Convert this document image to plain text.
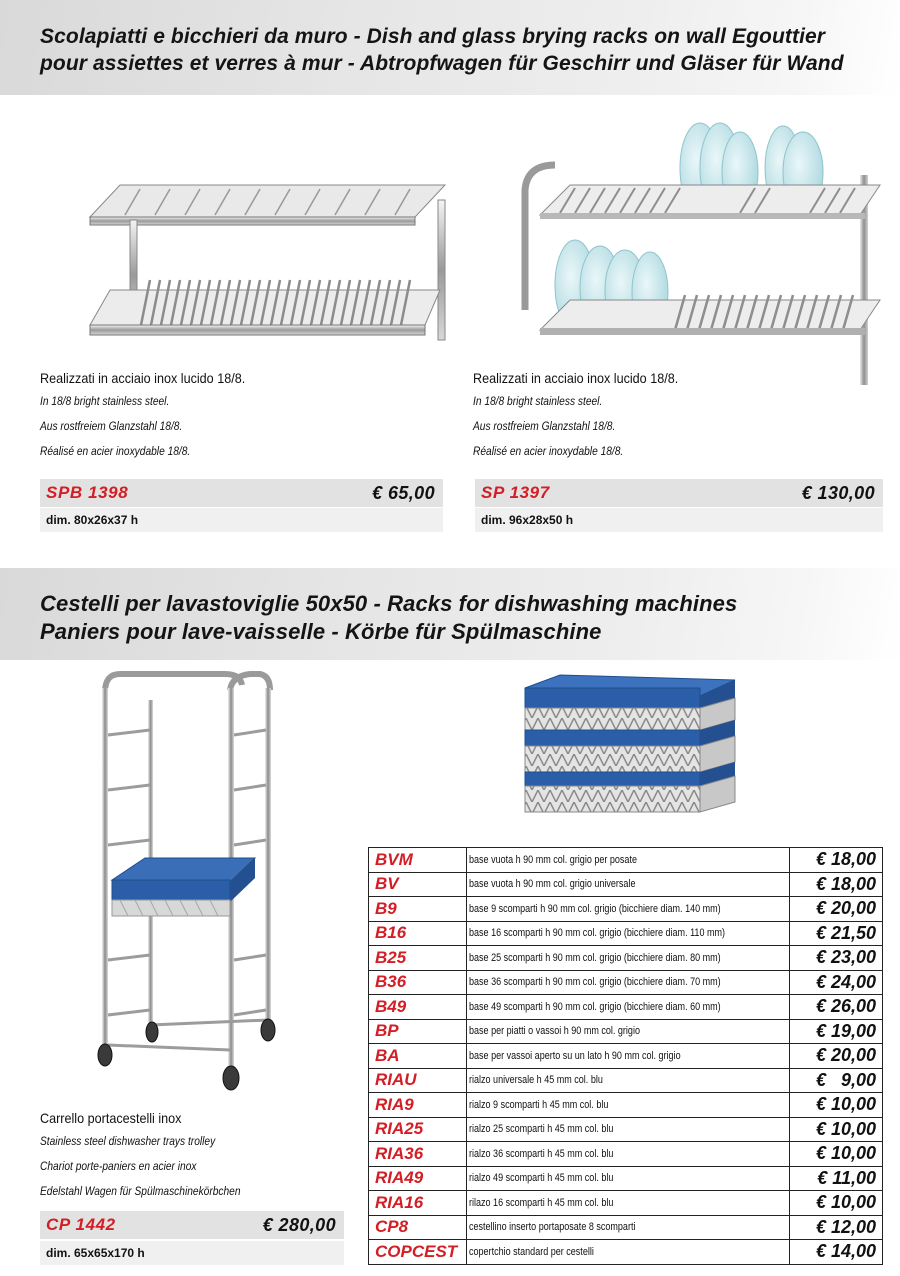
Scolapiatti e bicchieri da muro - Dish and glass brying racks on wall Egouttier
pour assiettes et verres à mur - Abtropfwagen für Geschirr und Gläser für Wand
Realizzati in acciaio inox lucido 18/8.
In 18/8 bright stainless steel.
Aus rostfreiem Glanzstahl 18/8.
Réalisé en acier inoxydable 18/8.
SPB 1398	€ 65,00
dim. 80x26x37 h
Realizzati in acciaio inox lucido 18/8.
In 18/8 bright stainless steel.
Aus rostfreiem Glanzstahl 18/8.
Réalisé en acier inoxydable 18/8.
SP 1397	€ 130,00
dim. 96x28x50 h
Cestelli per lavastoviglie 50x50 - Racks for dishwashing machines
Paniers pour lave-vaisselle - Körbe für Spülmaschine
Carrello portacestelli inox
Stainless steel dishwasher trays trolley
Chariot porte-paniers en acier inox
Edelstahl Wagen für Spülmaschinekörbchen
CP 1442	€ 280,00
dim. 65x65x170 h
BVM	base vuota h 90 mm col. grigio per posate	€ 18,00
BV	base vuota h 90 mm col. grigio universale	€ 18,00
B9	base 9 scomparti h 90 mm col. grigio (bicchiere diam. 140 mm)	€ 20,00
B16	base 16 scomparti h 90 mm col. grigio (bicchiere diam. 110 mm)	€ 21,50
B25	base 25 scomparti h 90 mm col. grigio (bicchiere diam. 80 mm)	€ 23,00
B36	base 36 scomparti h 90 mm col. grigio (bicchiere diam. 70 mm)	€ 24,00
B49	base 49 scomparti h 90 mm col. grigio (bicchiere diam. 60 mm)	€ 26,00
BP	base per piatti o vassoi h 90 mm col. grigio	€ 19,00
BA	base per vassoi aperto su un lato h 90 mm col. grigio	€ 20,00
RIAU	rialzo universale h 45 mm col. blu	€   9,00
RIA9	rialzo 9 scomparti h 45 mm col. blu	€ 10,00
RIA25	rialzo 25 scomparti h 45 mm col. blu	€ 10,00
RIA36	rialzo 36 scomparti h 45 mm col. blu	€ 10,00
RIA49	rialzo 49 scomparti h 45 mm col. blu	€ 11,00
RIA16	rilazo 16 scomparti h 45 mm col. blu	€ 10,00
CP8	cestellino inserto portaposate 8 scomparti	€ 12,00
COPCEST	copertchio standard per cestelli	€ 14,00
